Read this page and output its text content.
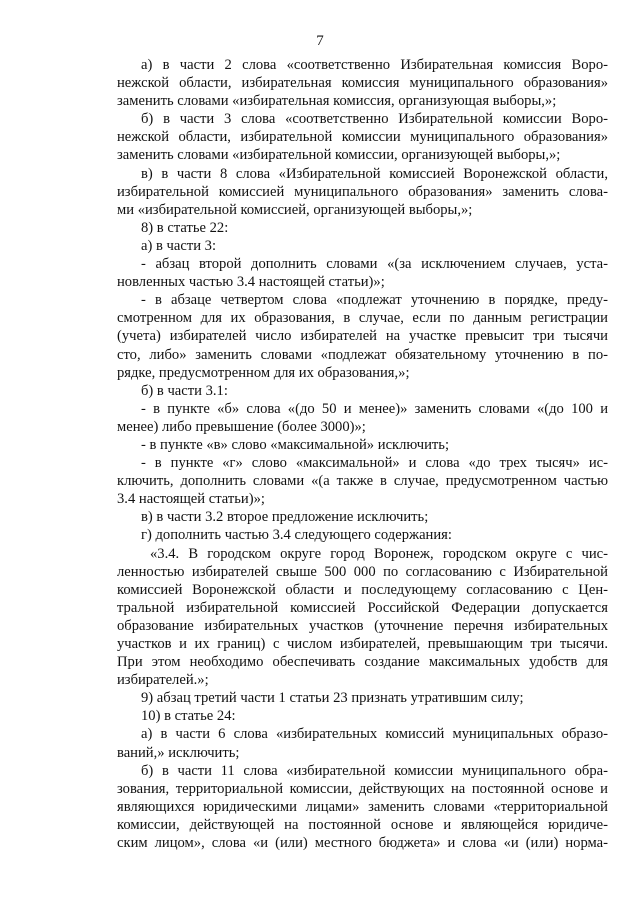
7
а) в части 2 слова «соответственно Избирательная комиссия Воро-
нежской области, избирательная комиссия муниципального образования»
заменить словами «избирательная комиссия, организующая выборы,»;
б) в части 3 слова «соответственно Избирательной комиссии Воро-
нежской области, избирательной комиссии муниципального образования»
заменить словами «избирательной комиссии, организующей выборы,»;
в) в части 8 слова «Избирательной комиссией Воронежской области,
избирательной комиссией муниципального образования» заменить слова-
ми «избирательной комиссией, организующей выборы,»;
8) в статье 22:
а) в части 3:
- абзац второй дополнить словами «(за исключением случаев, уста-
новленных частью 3.4 настоящей статьи)»;
- в абзаце четвертом слова «подлежат уточнению в порядке, преду-
смотренном для их образования, в случае, если по данным регистрации
(учета) избирателей число избирателей на участке превысит три тысячи
сто, либо» заменить словами «подлежат обязательному уточнению в по-
рядке, предусмотренном для их образования,»;
б) в части 3.1:
- в пункте «б» слова «(до 50 и менее)» заменить словами «(до 100 и
менее) либо превышение (более 3000)»;
- в пункте «в» слово «максимальной» исключить;
- в пункте «г» слово «максимальной» и слова «до трех тысяч» ис-
ключить, дополнить словами «(а также в случае, предусмотренном частью
3.4 настоящей статьи)»;
в) в части 3.2 второе предложение исключить;
г) дополнить частью 3.4 следующего содержания:
«3.4. В городском округе город Воронеж, городском округе с чис-
ленностью избирателей свыше 500 000 по согласованию с Избирательной
комиссией Воронежской области и последующему согласованию с Цен-
тральной избирательной комиссией Российской Федерации допускается
образование избирательных участков (уточнение перечня избирательных
участков и их границ) с числом избирателей, превышающим три тысячи.
При этом необходимо обеспечивать создание максимальных удобств для
избирателей.»;
9) абзац третий части 1 статьи 23 признать утратившим силу;
10) в статье 24:
а) в части 6 слова «избирательных комиссий муниципальных образо-
ваний,» исключить;
б) в части 11 слова «избирательной комиссии муниципального обра-
зования, территориальной комиссии, действующих на постоянной основе и
являющихся юридическими лицами» заменить словами «территориальной
комиссии, действующей на постоянной основе и являющейся юридиче-
ским лицом», слова «и (или) местного бюджета» и слова «и (или) норма-
